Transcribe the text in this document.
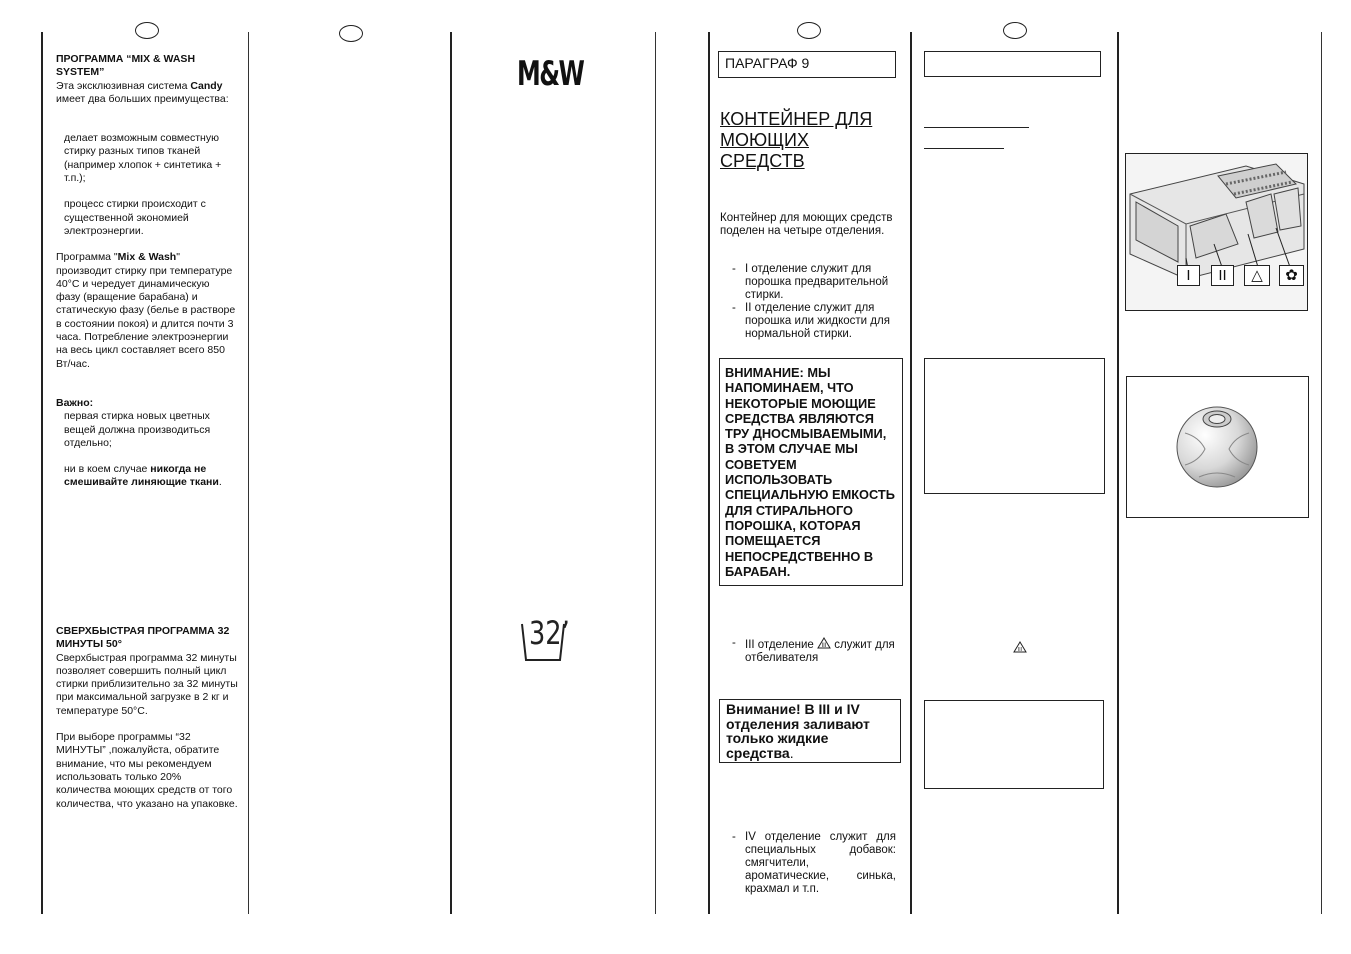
ПРОГРАММА “MIX & WASH SYSTEM”

Эта эксклюзивная система Candy имеет два больших преимущества:

делает возможным совместную стирку разных типов тканей (например хлопок + синтетика + т.п.);

процесс стирки происходит с существенной экономией электроэнергии.

Программа "Mix & Wash" производит стирку при температуре 40°С и чередует динамическую фазу (вращение барабана) и статическую фазу (белье в растворе в состоянии покоя) и длится почти 3 часа. Потребление электроэнергии на весь цикл составляет всего 850 Вт/час.

Важно:

первая стирка новых цветных вещей должна производиться отдельно;

ни в коем случае никогда не смешивайте линяющие ткани.

СВЕРХБЫСТРАЯ ПРОГРАММА 32 МИНУТЫ 50°

Сверхбыстрая программа 32 минуты позволяет совершить полный цикл стирки приблизительно за 32 минуты при максимальной загрузке в 2 кг и температуре 50°С.

При выборе программы “32 МИНУТЫ” ,пожалуйста, обратите внимание, что мы рекомендуем использовать только 20% количества моющих средств от того количества, что указано на упаковке.

M&W
32’
ПАРАГРАФ 9
КОНТЕЙНЕР ДЛЯ МОЮЩИХ СРЕДСТВ
Контейнер для моющих средств поделен на четыре отделения.
- I отделение служит для порошка предварительной стирки.
- II отделение служит для порошка или жидкости для нормальной стирки.
ВНИМАНИЕ: МЫ НАПОМИНАЕМ, ЧТО НЕКОТОРЫЕ МОЮЩИЕ СРЕДСТВА ЯВЛЯЮТСЯ ТРУ ДНОСМЫВАЕМЫМИ, В ЭТОМ СЛУЧАЕ МЫ СОВЕТУЕМ ИСПОЛЬЗОВАТЬ СПЕЦИАЛЬНУЮ ЕМКОСТЬ ДЛЯ СТИРАЛЬНОГО ПОРОШКА, КОТОРАЯ ПОМЕЩАЕТСЯ НЕПОСРЕДСТВЕННО В БАРАБАН.
- III отделение III служит для отбеливателя
Внимание! В III и IV отделения заливают только жидкие средства.
- IV отделение служит для специальных добавок: смягчители, ароматические, синька, крахмал и т.п.
III
I	II	△	✿
